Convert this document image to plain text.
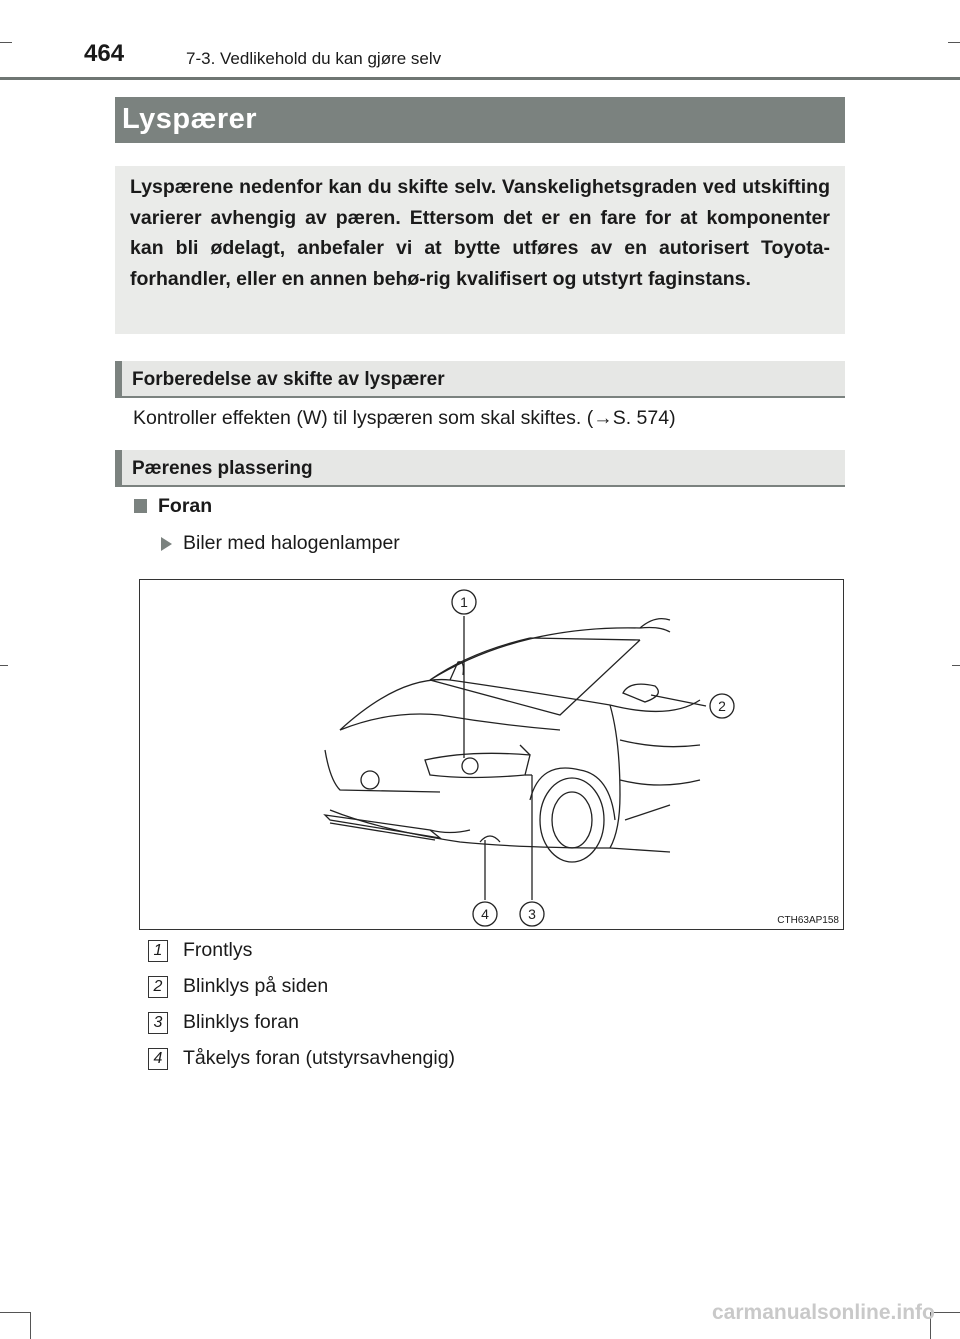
464	7-3. Vedlikehold du kan gjøre selv
Lyspærer
Lyspærene nedenfor kan du skifte selv. Vanskelighetsgraden ved utskifting varierer avhengig av pæren. Ettersom det er en fare for at komponenter kan bli ødelagt, anbefaler vi at bytte utføres av en autorisert Toyota-forhandler, eller en annen behø-rig kvalifisert og utstyrt faginstans.
Forberedelse av skifte av lyspærer
Kontroller effekten (W) til lyspæren som skal skiftes. (→S. 574)
Pærenes plassering
Foran
Biler med halogenlamper
1
2
3
4	CTH63AP158
1 Frontlys
2 Blinklys på siden
3 Blinklys foran
4 Tåkelys foran (utstyrsavhengig)
carmanualsonline.info
